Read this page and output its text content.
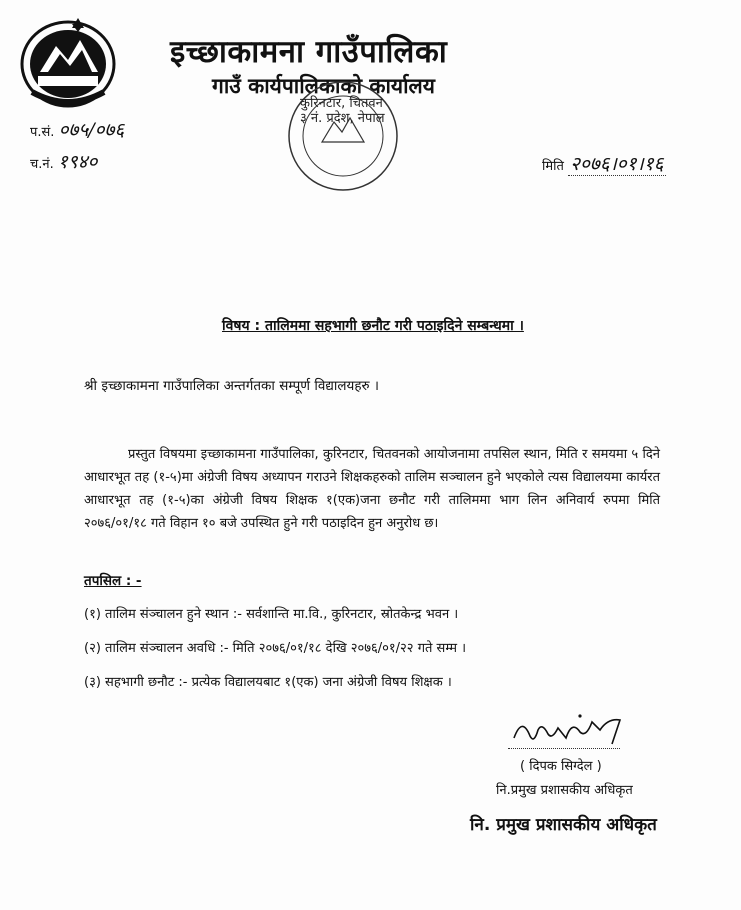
इच्छाकामना गाउँपालिका
गाउँ कार्यपालिकाको कार्यालय
कुरिनटार, चितवन
३ नं. प्रदेश, नेपाल
प.सं. ०७५/०७६
च.नं. १९४०	मिति २०७६।०१।१६
विषय : तालिममा सहभागी छनौट गरी पठाइदिने सम्बन्धमा ।
श्री इच्छाकामना गाउँपालिका अन्तर्गतका सम्पूर्ण विद्यालयहरु ।
प्रस्तुत विषयमा इच्छाकामना गाउँपालिका, कुरिनटार, चितवनको आयोजनामा तपसिल स्थान, मिति र समयमा ५ दिने आधारभूत तह (१-५)मा अंग्रेजी विषय अध्यापन गराउने शिक्षकहरुको तालिम सञ्चालन हुने भएकोले त्यस विद्यालयमा कार्यरत आधारभूत तह (१-५)का अंग्रेजी विषय शिक्षक १(एक)जना छनौट गरी तालिममा भाग लिन अनिवार्य रुपमा मिति २०७६/०१/१८ गते विहान १० बजे उपस्थित हुने गरी पठाइदिन हुन अनुरोध छ।
तपसिल : -
(१) तालिम संञ्चालन हुने स्थान :- सर्वशान्ति मा.वि., कुरिनटार, स्रोतकेन्द्र भवन ।
(२) तालिम संञ्चालन अवधि :- मिति २०७६/०१/१८ देखि २०७६/०१/२२ गते सम्म ।
(३) सहभागी छनौट :- प्रत्येक विद्यालयबाट १(एक) जना अंग्रेजी विषय शिक्षक ।
( दिपक सिग्देल )
नि.प्रमुख प्रशासकीय अधिकृत
नि. प्रमुख प्रशासकीय अधिकृत
